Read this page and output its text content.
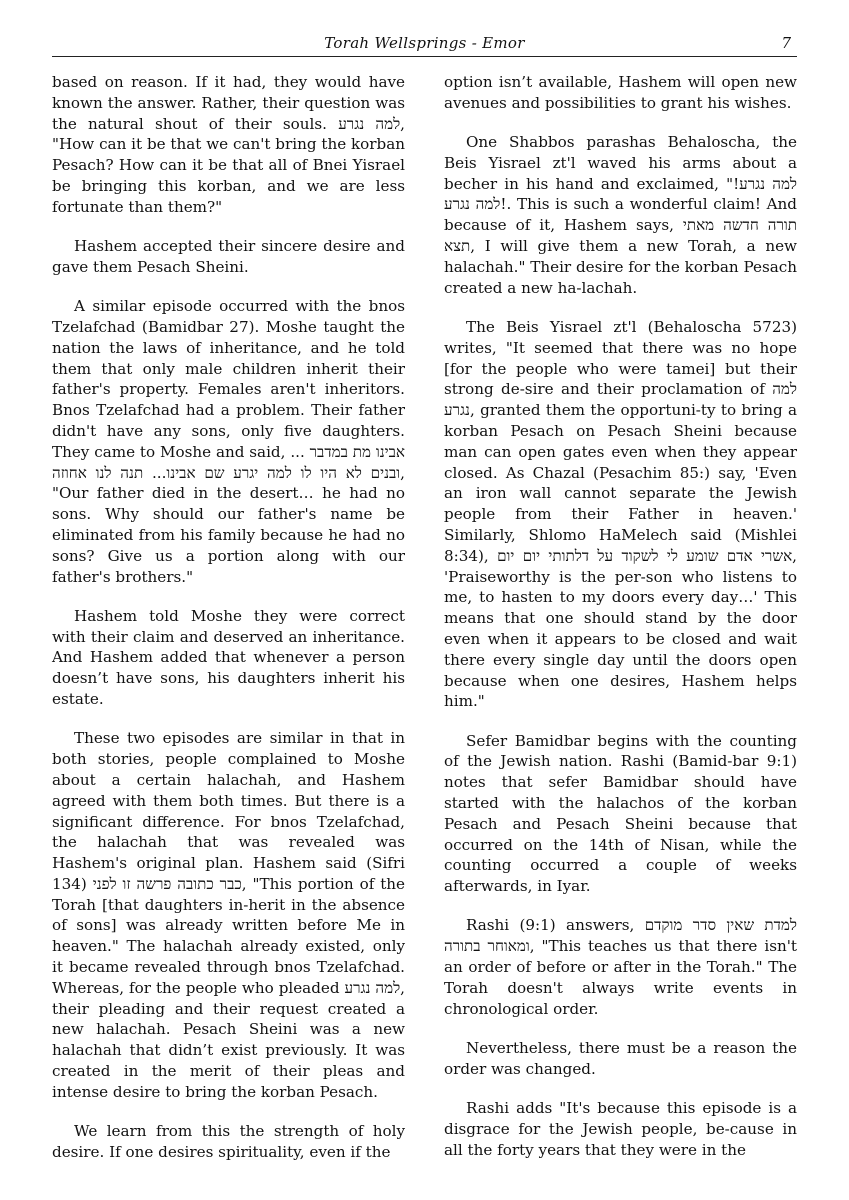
Torah Wellsprings - Emor	7

based on reason. If it had, they would have known the answer. Rather, their question was the natural shout of their souls. למה נגרע, "How can it be that we can't bring the korban Pesach? How can it be that all of Bnei Yisrael be bringing this korban, and we are less fortunate than them?"

Hashem accepted their sincere desire and gave them Pesach Sheini.

A similar episode occurred with the bnos Tzelafchad (Bamidbar 27). Moshe taught the nation the laws of inheritance, and he told them that only male children inherit their father's property. Females aren't inheritors. Bnos Tzelafchad had a problem. Their father didn't have any sons, only five daughters. They came to Moshe and said, אבינו מת במדבר ... ובנים לא היו לו למה יגרע שם אבינו... תנה לנו אחוזה, "Our father died in the desert… he had no sons. Why should our father's name be eliminated from his family because he had no sons? Give us a portion along with our father's brothers."

Hashem told Moshe they were correct with their claim and deserved an inheritance. And Hashem added that whenever a person doesn’t have sons, his daughters inherit his estate.

These two episodes are similar in that in both stories, people complained to Moshe about a certain halachah, and Hashem agreed with them both times. But there is a significant difference. For bnos Tzelafchad, the halachah that was revealed was Hashem's original plan. Hashem said (Sifri 134) כבר כתובה פרשה זו לפני, "This portion of the Torah [that daughters in-herit in the absence of sons] was already written before Me in heaven." The halachah already existed, only it became revealed through bnos Tzelafchad. Whereas, for the people who pleaded למה נגרע, their pleading and their request created a new halachah. Pesach Sheini was a new halachah that didn’t exist previously. It was created in the merit of their pleas and intense desire to bring the korban Pesach.

We learn from this the strength of holy desire. If one desires spirituality, even if the

option isn’t available, Hashem will open new avenues and possibilities to grant his wishes.

One Shabbos parashas Behaloscha, the Beis Yisrael zt'l waved his arms about a becher in his hand and exclaimed, "למה נגרע! למה נגרע!. This is such a wonderful claim! And because of it, Hashem says, תורה חדשה מאתי תצא, I will give them a new Torah, a new halachah." Their desire for the korban Pesach created a new ha-lachah.

The Beis Yisrael zt'l (Behaloscha 5723) writes, "It seemed that there was no hope [for the people who were tamei] but their strong de-sire and their proclamation of למה נגרע, granted them the opportuni-ty to bring a korban Pesach on Pesach Sheini because man can open gates even when they appear closed. As Chazal (Pesachim 85:) say, 'Even an iron wall cannot separate the Jewish people from their Father in heaven.' Similarly, Shlomo HaMelech said (Mishlei 8:34), אשרי אדם שומע לי לשקוד על דלתותי יום יום, 'Praiseworthy is the per-son who listens to me, to hasten to my doors every day…' This means that one should stand by the door even when it appears to be closed and wait there every single day until the doors open because when one desires, Hashem helps him."

Sefer Bamidbar begins with the counting of the Jewish nation. Rashi (Bamid-bar 9:1) notes that sefer Bamidbar should have started with the halachos of the korban Pesach and Pesach Sheini because that occurred on the 14th of Nisan, while the counting occurred a couple of weeks afterwards, in Iyar.

Rashi (9:1) answers, למדת שאין סדר מוקדם ומאוחר בתורה, "This teaches us that there isn't an order of before or after in the Torah." The Torah doesn't always write events in chronological order.

Nevertheless, there must be a reason the order was changed.

Rashi adds "It's because this episode is a disgrace for the Jewish people, be-cause in all the forty years that they were in the
